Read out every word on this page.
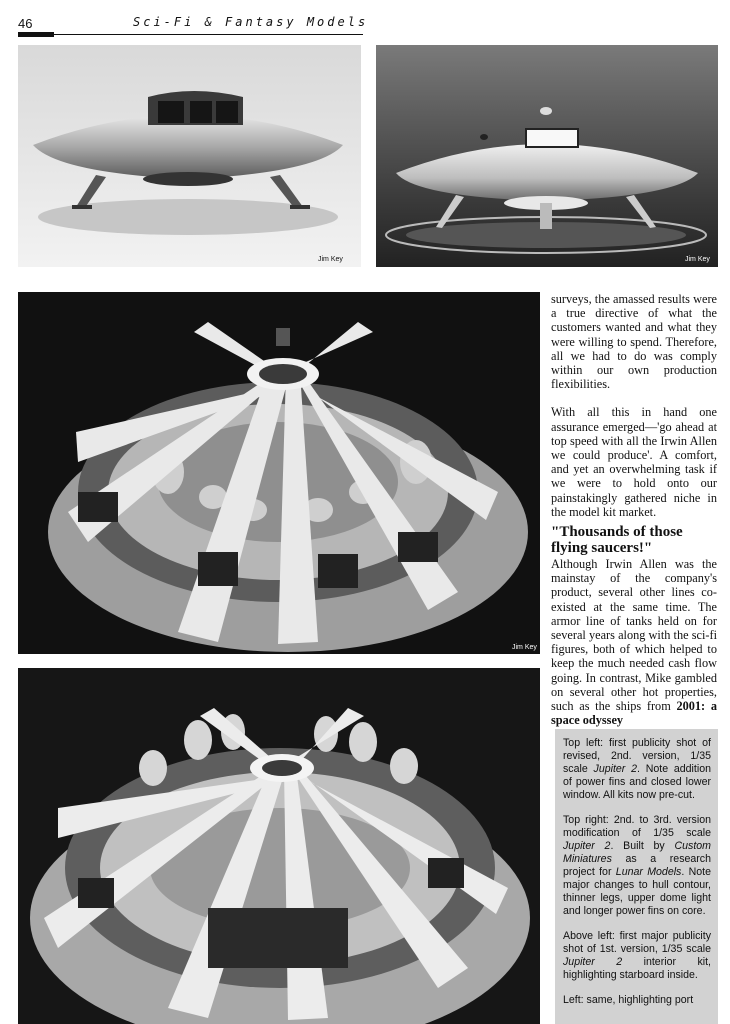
46	Sci-Fi & Fantasy Models
Jim Key	Jim Key
Jim Key

surveys, the amassed results were a true directive of what the customers wanted and what they were willing to spend. Therefore, all we had to do was comply within our own production flexibilities.

With all this in hand one assurance emerged—'go ahead at top speed with all the Irwin Allen we could produce'. A comfort, and yet an overwhelming task if we were to hold onto our painstakingly gathered niche in the model kit market.

"Thousands of those flying saucers!"

Although Irwin Allen was the mainstay of the company's product, several other lines co-existed at the same time. The armor line of tanks held on for several years along with the sci-fi figures, both of which helped to keep the much needed cash flow going. In contrast, Mike gambled on several other hot properties, such as the ships from 2001: a space odyssey

Top left: first publicity shot of revised, 2nd. version, 1/35 scale Jupiter 2. Note addition of power fins and closed lower window. All kits now pre-cut.

Top right: 2nd. to 3rd. version modification of 1/35 scale Jupiter 2. Built by Custom Miniatures as a research project for Lunar Models. Note major changes to hull contour, thinner legs, upper dome light and longer power fins on core.

Above left: first major publicity shot of 1st. version, 1/35 scale Jupiter 2 interior kit, highlighting starboard inside.

Left: same, highlighting port
